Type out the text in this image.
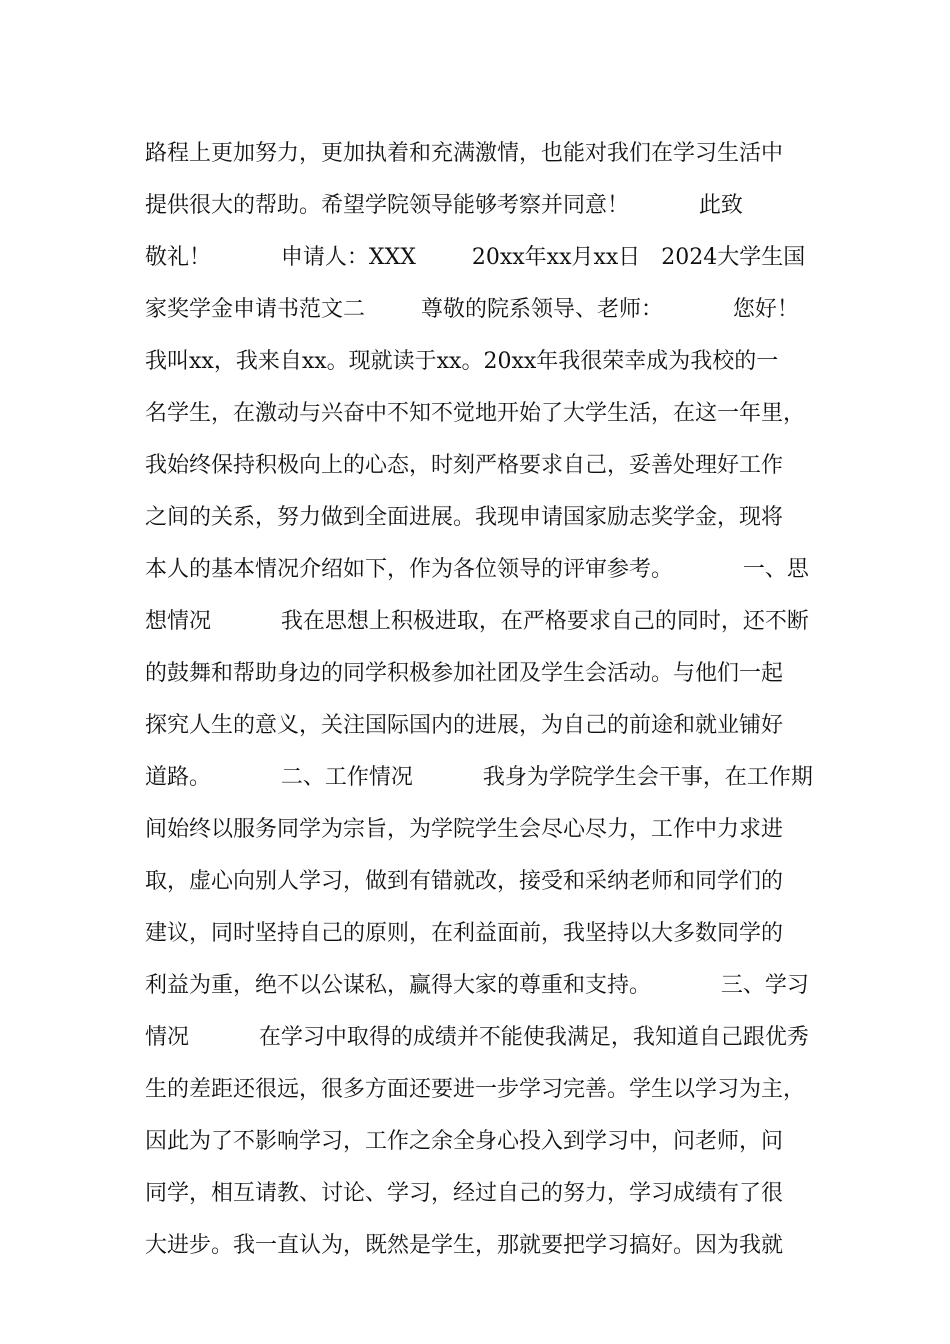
路程上更加努力，更加执着和充满激情，也能对我们在学习生活中
提供很大的帮助。希望学院领导能够考察并同意！          此致
敬礼！          申请人：XXX        20xx年xx月xx日   2024大学生国
家奖学金申请书范文二        尊敬的院系领导、老师：          您好！
我叫xx，我来自xx。现就读于xx。20xx年我很荣幸成为我校的一
名学生，在激动与兴奋中不知不觉地开始了大学生活，在这一年里，
我始终保持积极向上的心态，时刻严格要求自己，妥善处理好工作
之间的关系，努力做到全面进展。我现申请国家励志奖学金，现将
本人的基本情况介绍如下，作为各位领导的评审参考。          一、思
想情况          我在思想上积极进取，在严格要求自己的同时，还不断
的鼓舞和帮助身边的同学积极参加社团及学生会活动。与他们一起
探究人生的意义，关注国际国内的进展，为自己的前途和就业铺好
道路。          二、工作情况          我身为学院学生会干事，在工作期
间始终以服务同学为宗旨，为学院学生会尽心尽力，工作中力求进
取，虚心向别人学习，做到有错就改，接受和采纳老师和同学们的
建议，同时坚持自己的原则，在利益面前，我坚持以大多数同学的
利益为重，绝不以公谋私，赢得大家的尊重和支持。          三、学习
情况          在学习中取得的成绩并不能使我满足，我知道自己跟优秀
生的差距还很远，很多方面还要进一步学习完善。学生以学习为主，
因此为了不影响学习，工作之余全身心投入到学习中，问老师，问
同学，相互请教、讨论、学习，经过自己的努力，学习成绩有了很
大进步。我一直认为，既然是学生，那就要把学习搞好。因为我就
